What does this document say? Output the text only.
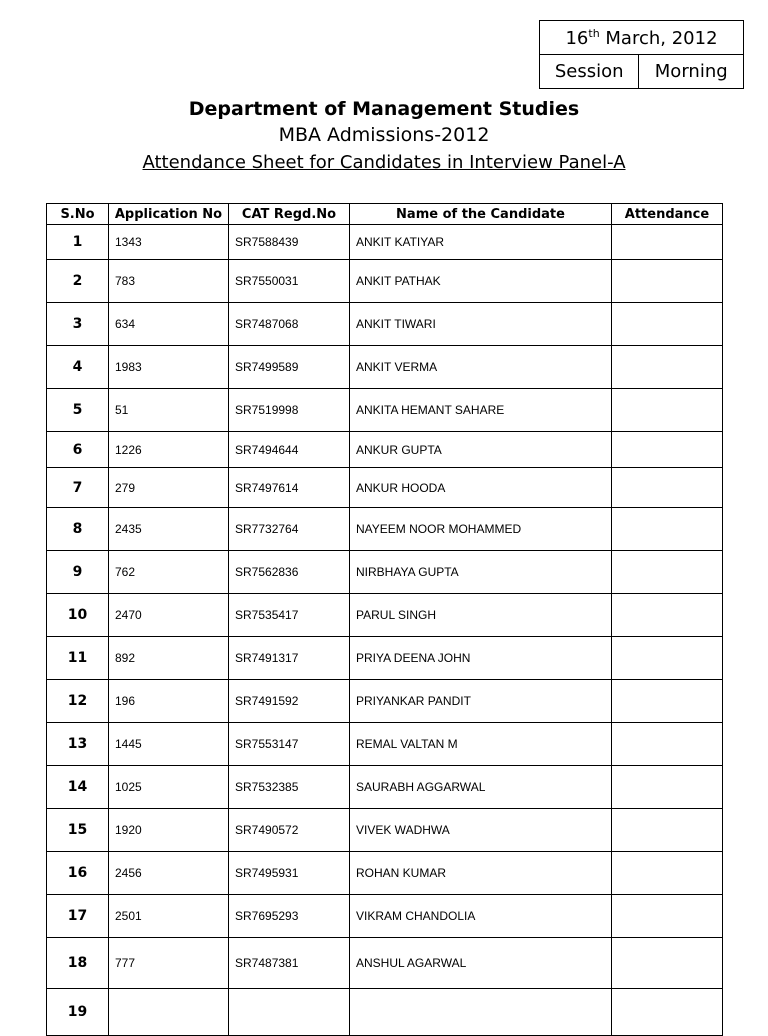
16th March, 2012
Session	Morning
Department of Management Studies
MBA Admissions-2012
Attendance Sheet for Candidates in Interview Panel-A
S.No	Application No	CAT Regd.No	Name of the Candidate	Attendance
1	1343	SR7588439	ANKIT KATIYAR	
2	783	SR7550031	ANKIT PATHAK	
3	634	SR7487068	ANKIT TIWARI	
4	1983	SR7499589	ANKIT VERMA	
5	51	SR7519998	ANKITA HEMANT SAHARE	
6	1226	SR7494644	ANKUR GUPTA	
7	279	SR7497614	ANKUR HOODA	
8	2435	SR7732764	NAYEEM NOOR MOHAMMED	
9	762	SR7562836	NIRBHAYA GUPTA	
10	2470	SR7535417	PARUL SINGH	
11	892	SR7491317	PRIYA DEENA JOHN	
12	196	SR7491592	PRIYANKAR PANDIT	
13	1445	SR7553147	REMAL VALTAN M	
14	1025	SR7532385	SAURABH AGGARWAL	
15	1920	SR7490572	VIVEK WADHWA	
16	2456	SR7495931	ROHAN KUMAR	
17	2501	SR7695293	VIKRAM CHANDOLIA	
18	777	SR7487381	ANSHUL AGARWAL	
19				
